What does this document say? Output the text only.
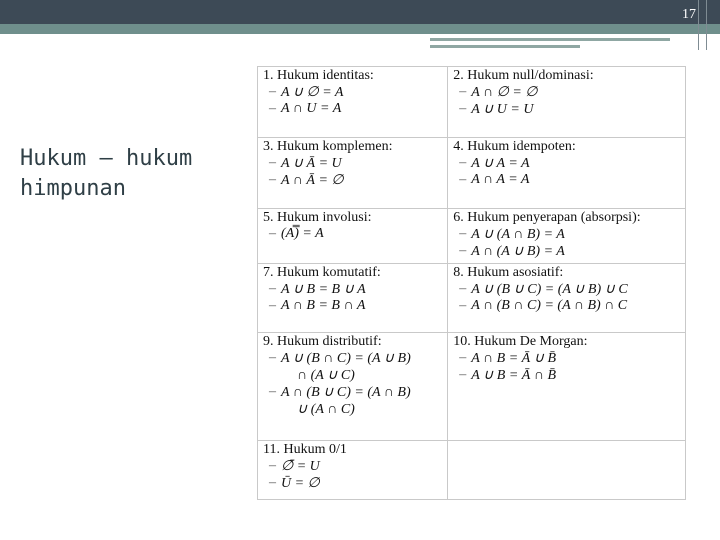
17
Hukum – hukum
himpunan
1. Hukum identitas:
– A ∪ ∅ = A
– A ∩ U = A	2. Hukum null/dominasi:
– A ∩ ∅ = ∅
– A ∪ U = U

3. Hukum komplemen:
– A ∪ Ā = U
– A ∩ Ā = ∅	4. Hukum idempoten:
– A ∪ A = A
– A ∩ A = A

5. Hukum involusi:
– (A̿) = A	6. Hukum penyerapan (absorpsi):
– A ∪ (A ∩ B) = A
– A ∩ (A ∪ B) = A

7. Hukum komutatif:
– A ∪ B = B ∪ A
– A ∩ B = B ∩ A	8. Hukum asosiatif:
– A ∪ (B ∪ C) = (A ∪ B) ∪ C
– A ∩ (B ∩ C) = (A ∩ B) ∩ C

9. Hukum distributif:
– A ∪ (B ∩ C) = (A ∪ B)
∩ (A ∪ C)
– A ∩ (B ∪ C) = (A ∩ B)
∪ (A ∩ C)	10. Hukum De Morgan:
– A ∩ B = Ā ∪ B̄
– A ∪ B = Ā ∩ B̄

11. Hukum 0/1
– ∅̄ = U
– Ū = ∅
